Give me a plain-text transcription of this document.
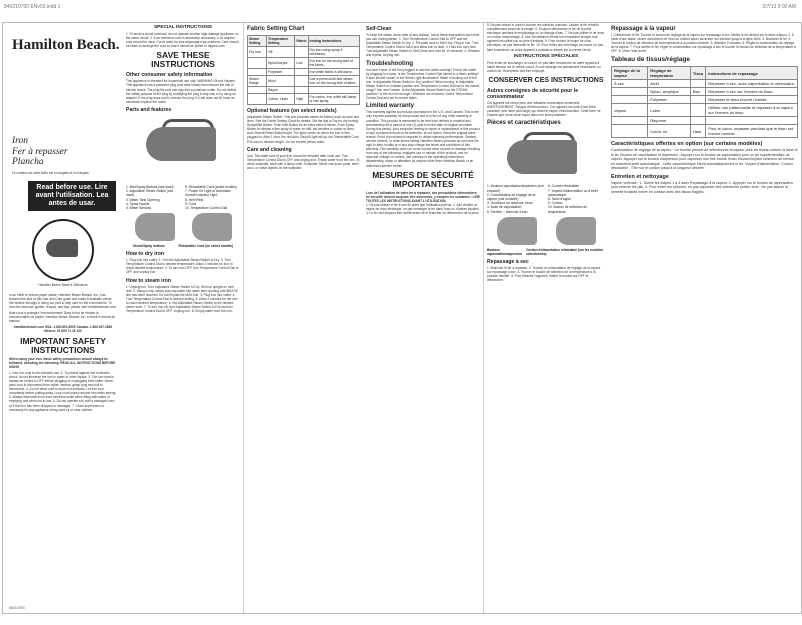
Hamilton Beach.
Iron
Fer à repasser
Plancha
Le contenu de cette boîte est en anglais et en français.
Read before use. Lire avant l'utilisation. Lea antes de usar.
Hamilton Beach Made a Difference
In an effort to reduce paper waste, Hamilton Beach Brands, Inc., has reduced the size of this Use and Care guide and made it available online. We believe strongly in doing our part to help care for the environment. To view the best-use guides, recipes, and tips, please visit: hamiltonbeach.com
Aide-nous à protéger l'environnement! Dans le but de réduire la consommation de papier, Hamilton Beach Brands, Inc. a réduit le format du manuel.
hamiltonbeach.com USA: 1.800.851.8900 Canada: 1.800.267.2826 México: 01 800 71 16 100
IMPORTANT SAFETY INSTRUCTIONS
When using your iron, basic safety precautions should always be followed, including the following: READ ALL INSTRUCTIONS BEFORE USING
1. Use iron only for its intended use. 2. To protect against risk of electric shock, do not immerse the iron in water or other liquids. 3. The iron should always be turned to OFF before plugging or unplugging from outlet. Never yank cord to disconnect from outlet; instead, grasp plug and pull to disconnect. 4. Do not allow cord to touch hot surfaces. Let iron cool completely before putting away. Loop cord loosely around iron when storing. 5. Always disconnect iron from electrical outlet when filling with water or emptying and when not in use. 6. Do not operate iron with a damaged cord or if the iron has been dropped or damaged. 7. Close supervision is necessary for any appliance being used by or near children.
840210700
SPECIAL INSTRUCTIONS
1. To avoid a circuit overload, do not operate another high-wattage appliance on the same circuit. 2. If an extension cord is absolutely necessary, a 15-ampere cord should be used. Cords rated for less amperage may overheat. Care should be taken to arrange the cord so that it cannot be pulled or tripped over.
SAVE THESE INSTRUCTIONS
Other consumer safety information
This appliance is intended for household use only. WARNING! Shock Hazard: This appliance has a polarized plug (one wide blade) that reduces the risk of electric shock. The plug fits only one way into a polarized outlet. Do not defeat the safety purpose of the plug by modifying the plug in any way or by using an adapter. If the plug does not fit, reverse the plug. If it still does not fit, have an electrician replace the outlet.
Parts and features
1. Mist/Spray Buttons (see inset)
2. Adjustable Steam Switch (see inset)
3. Water Tank Opening
4. Spray Nozzle
5. Water Window
6. Retractable Cord (select models)
7. Power On Light or Automatic Shutoff Indicator Light
8. Heel Rest
9. Cord
10. Temperature Control Dial
Shock/Spray buttons	Retractable Cord (on select models)
How to dry iron
1. Plug iron into outlet. 2. Turn the Adjustable Steam Switch to Dry. 3. Turn Temperature Control Dial to desired temperature. Allow 2 minutes for iron to reach desired temperature. 4. To turn iron OFF, turn Temperature Control Dial to OFF and unplug iron.
How to steam iron
1. Unplug iron. Turn Adjustable Steam Switch to Dry. Set iron upright on heel rest. 2. Using a cup, slowly pour tap water into water tank opening until MAX fill line has been reached. Do not fill past the MAX line. 3. Plug iron into outlet. 4. Turn Temperature Control Dial to desired setting. 5. Allow 2 minutes for the iron to reach desired temperature. 6. Set Adjustable Steam Switch to the desired steam level. 7. To turn iron off, turn Adjustable Steam Switch to Dry and turn Temperature Control Dial to OFF. Unplug iron. 8. Empty water from the iron.
Fabric Setting Chart
Steam Setting	Temperature Setting	Fabric	Ironing Instructions
Dry Iron	Off		Dry iron using spray if necessary.
	Nylon/Acrylic	Low	Dry iron on the wrong side of the fabric.
	Polyester		Iron while fabric is still damp.
Steam Range	Wool		Use a press cloth and steam iron on the wrong side of fabric.
	Rayon		
	Cotton, Linen	High	For cotton, iron while still damp or use spray.
Optional features (on select models)
Adjustable Steam Switch: This iron provides steam for fabrics such as wool and linen. See the Fabric Setting Chart for details. Set the dial to Dry for dry ironing. Spray/Mist Button: Push Mist Button for an extra blast of steam. Push Spray Button to release a fine spray of water for stiff, set wrinkles in cotton or linen. Auto Shutoff Reset Button/Light: The light comes on when the iron is first plugged in. After 1 hour, the red Auto Shutoff Light will go out. Retractable Cord: Pull cord to desired length. Do not exceed yellow mark.
Care and cleaning
Iron: The water tank of your iron should be emptied after each use. Turn Temperature Control Dial to OFF and unplug iron. Empty water from the iron. To clean soleplate, wipe with a damp cloth. Soleplate: Never use scour pads, steel wool, or metal objects on the soleplate.
Self-Clean
To keep the steam vents clear of any buildup, follow these instructions each time you use ironing steam. 1. Turn Temperature Control Dial to OFF and set Adjustable Steam Switch to Dry. 2. Fill water tank to MAX line. Plug in iron. Turn Temperature Control Dial to MAX and allow iron to heat. 3. Hold iron over sink. Turn Adjustable Steam Switch to Self-Clean and hold for 10 seconds. 4. Release and repeat. Unplug iron.
Troubleshooting
Iron won't heat. Is the iron plugged in and the outlet working? Check the outlet by plugging in a lamp. Is the Temperature Control Dial turned to a fabric setting? If auto shutoff model, is the Reset Light illuminated? Water is leaking out of the iron. Is Adjustable Steam Switch in Dry position? When ironing, is Adjustable Steam Switch in a steam position and Temperature Control Dial set to the lowest range? Iron won't steam. Is the Adjustable Steam Switch on the STEAM position? Is the iron full enough? Wrinkles not removed. Check Temperature Control Dial and set to correct fabric.
Limited warranty
This warranty applies to products purchased in the U.S. and Canada. This is the only express warranty for this product and is in lieu of any other warranty or condition. This product is warranted to be free from defects in material and workmanship for a period of one (1) year from the date of original purchase. During this period, your exclusive remedy is repair or replacement of this product or any component found to be defective, at our option. Keep the original sales receipt. Proof of purchase is required to obtain warranty performance. Dealers, service centers, or retail stores selling Hamilton Beach products do not have the right to alter, modify or in any way change the terms and conditions of this warranty. This warranty does not cover normal wear of parts or damage resulting from any of the following: negligent use or misuse of the product, use on improper voltage or current, use contrary to the operating instructions, disassembly, repair or alteration by anyone other than Hamilton Beach or an authorized service center.
MESURES DE SÉCURITÉ IMPORTANTES
Lors de l'utilisation de votre fer à repasser, des précautions élémentaires de sécurité doivent toujours être observées, y compris les suivantes : LIRE TOUTES LES INSTRUCTIONS AVANT L'UTILISATION.
1. Ne pas utiliser le fer à une fin autre que l'utilisation prévue. 2. Afin d'éviter un risque de choc électrique, ne pas immerger le fer dans l'eau ou d'autres liquides. 3. Le fer doit toujours être arrêté avant de le brancher ou débrancher de la prise.
5. Ne pas laisser le cordon toucher les surfaces chaudes. Laisser le fer refroidir complètement avant de le ranger. 6. Toujours débrancher le fer de la prise électrique pendant le remplissage ou la vidange d'eau. 7. Ne pas utiliser le fer avec un cordon endommagé. 8. Une surveillance étroite est nécessaire lorsque tout appareil est utilisé par ou près d'enfants. 9. Pour réduire le risque de choc électrique, ne pas démonter le fer. 10. Pour éviter une surcharge du circuit, ne pas faire fonctionner un autre appareil à puissance élevée sur le même circuit.
INSTRUCTIONS SPÉCIALES
Pour éviter de surcharger un circuit, ne pas faire fonctionner un autre appareil à haute tension sur le même circuit. Si une rallonge est absolument nécessaire, un cordon de 15 ampères doit être employé.
CONSERVER CES INSTRUCTIONS
Autres consignes de sécurité pour le consommateur
Cet appareil est conçu pour une utilisation domestique seulement. AVERTISSEMENT ! Risque d'électrocution : Cet appareil est doté d'une fiche polarisée (une lame plus large) qui réduit le risque d'électrocution. Cette fiche ne s'insère que d'une seule façon dans une prise polarisée.
Pièces et caractéristiques
1. Boutons vaporisation/aspersion (voir encadré)
2. Commutateur de réglage de la vapeur (voir encadré)
3. Ouverture du réservoir d'eau
4. Buse de vaporisation
5. Fenêtre – réservoir d'eau
6. Cordon rétractable
7. Voyant d'alimentation ou d'arrêt automatique
8. Talon d'appui
9. Cordon
10. Bouton de sélection de température
Boutons vaporisation/aspersion
Cordon d'alimentation rétractable (sur les modèles sélectionnés)
Repassage à sec
1. Brancher le fer à repasser. 2. Tourner le commutateur de réglage de la vapeur sur repassage à sec. 3. Tourner le bouton de sélection de la température à la position désirée. 4. Pour éteindre l'appareil, mettre le bouton sur OFF et débrancher.
Repassage à la vapeur
1. Débrancher le fer. Tourner le bouton de réglage de la vapeur sur repassage à sec. Mettre le fer debout sur le talon d'appui. 2. À l'aide d'une tasse, verser doucement de l'eau du robinet dans l'ouverture du réservoir jusqu'à la ligne MAX. 3. Brancher le fer. 4. Tourner le bouton de sélection de la température à la position désirée. 5. Attendre 2 minutes. 6. Régler le commutateur de réglage de la vapeur. 7. Pour arrêter le fer, régler le commutateur sur repassage à sec et tourner le bouton de sélection de la température à OFF. 8. Vider l'eau du fer.
Tableau de tissus/réglage
Réglage de la vapeur	Réglage de température	Tissu	Instructions de repassage
À sec	Arrêt		Repasser à sec, avec vaporisation si nécessaire.
	Nylon, acrylique	Bas	Repasser à sec sur l'envers du tissu.
	Polyester		Repasser le tissu encore humide.
Vapeur	Laine		Utiliser une pattemouille et repasser à la vapeur sur l'envers du tissu.
	Rayonne		
	Coton, lin	Haut	Pour le coton, repasser pendant que le tissu est encore humide.
Caractéristiques offertes en option (sur certains modèles)
Commutateur de réglage de la vapeur : Ce bouton permet de sélectionner la vapeur pour les tissus comme la laine et le lin. Bouton de vaporisation et aspersion : Appuyer sur le bouton de vaporisation pour un jet supplémentaire de vapeur. Appuyer sur le bouton d'aspersion pour vaporiser une fine bruine d'eau. Bouton/Voyant lumineux de remise en marche/d'arrêt automatique : Cette caractéristique éteint automatiquement le fer. Voyant d'alimentation. Cordon rétractable : Tirer sur le cordon jusqu'à la longueur désirée.
Entretien et nettoyage
Vapeur verticale : 1. Suivre les étapes 1 à 4 dans Repassage à la vapeur. 2. Appuyer sur le bouton de vaporisation pour enlever les plis. 3. Pour éviter les brûlures, ne pas vaporiser des vêtements portés. Avis : Ne pas laisser la semelle brûlante entrer en contact avec des tissus fragiles.
840210700 ENv03.indd 1	3/7/13 9:00 AM
